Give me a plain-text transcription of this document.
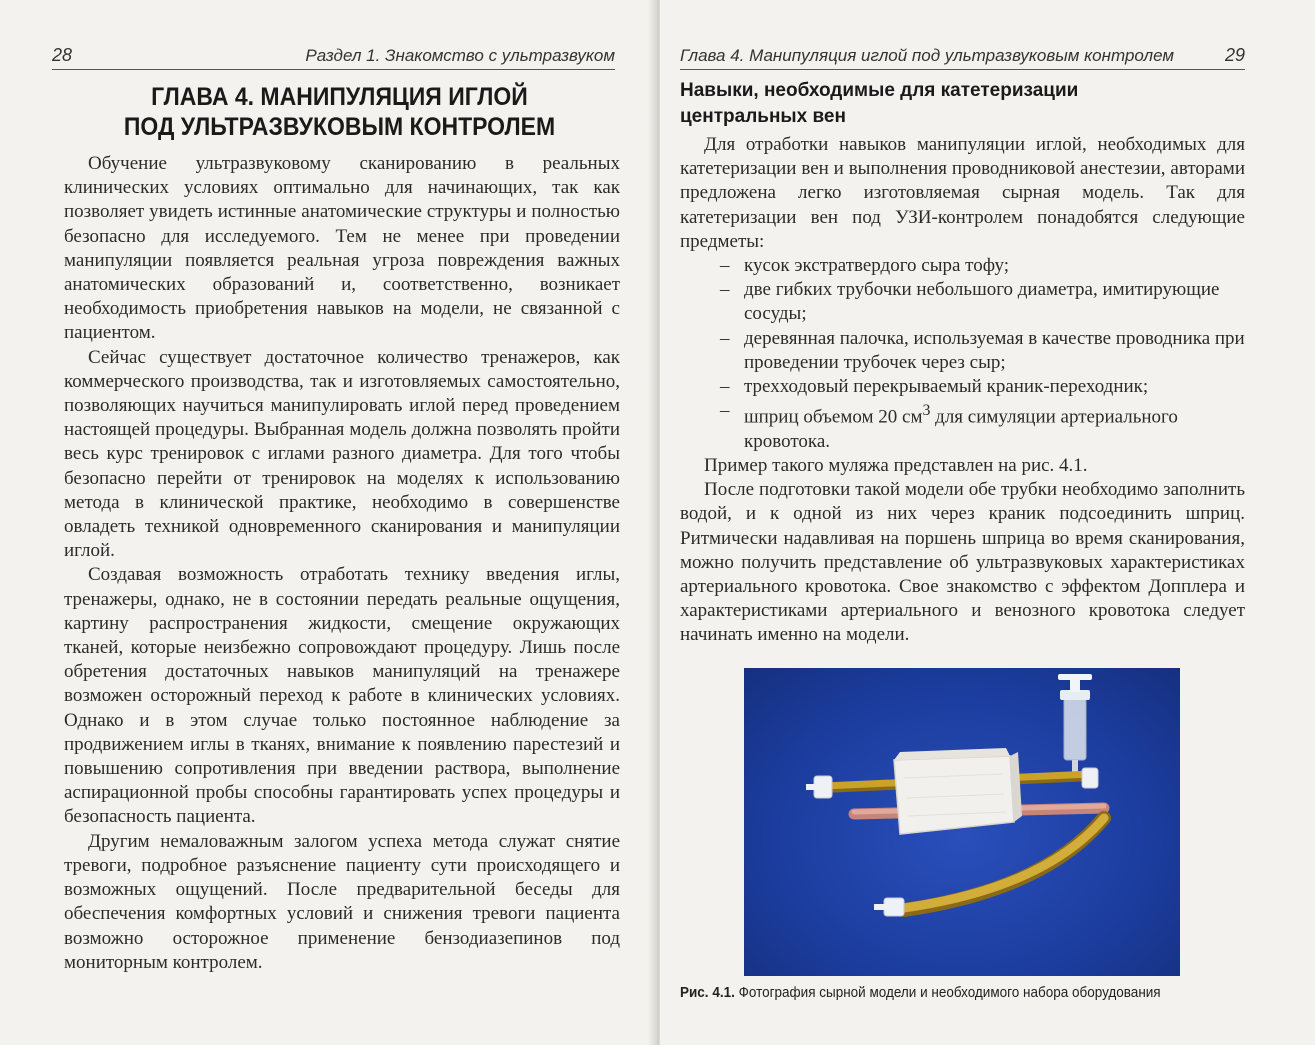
28	Раздел 1. Знакомство с ультразвуком
ГЛАВА 4. МАНИПУЛЯЦИЯ ИГЛОЙ
ПОД УЛЬТРАЗВУКОВЫМ КОНТРОЛЕМ

Обучение ультразвуковому сканированию в реальных клинических условиях оптимально для начинающих, так как позволяет увидеть истинные анатомические структуры и полностью безопасно для исследуемого. Тем не менее при проведении манипуляции появляется реальная угроза повреждения важных анатомических образований и, соответственно, возникает необходимость приобретения навыков на модели, не связанной с пациентом.

Сейчас существует достаточное количество тренажеров, как коммерческого производства, так и изготовляемых самостоятельно, позволяющих научиться манипулировать иглой перед проведением настоящей процедуры. Выбранная модель должна позволять пройти весь курс тренировок с иглами разного диаметра. Для того чтобы безопасно перейти от тренировок на моделях к использованию метода в клинической практике, необходимо в совершенстве овладеть техникой одновременного сканирования и манипуляции иглой.

Создавая возможность отработать технику введения иглы, тренажеры, однако, не в состоянии передать реальные ощущения, картину распространения жидкости, смещение окружающих тканей, которые неизбежно сопровождают процедуру. Лишь после обретения достаточных навыков манипуляций на тренажере возможен осторожный переход к работе в клинических условиях. Однако и в этом случае только постоянное наблюдение за продвижением иглы в тканях, внимание к появлению парестезий и повышению сопротивления при введении раствора, выполнение аспирационной пробы способны гарантировать успех процедуры и безопасность пациента.

Другим немаловажным залогом успеха метода служат снятие тревоги, подробное разъяснение пациенту сути происходящего и возможных ощущений. После предварительной беседы для обеспечения комфортных условий и снижения тревоги пациента возможно осторожное применение бензодиазепинов под мониторным контролем.

Глава 4. Манипуляция иглой под ультразвуковым контролем	29
Навыки, необходимые для катетеризации
центральных вен

Для отработки навыков манипуляции иглой, необходимых для катетеризации вен и выполнения проводниковой анестезии, авторами предложена легко изготовляемая сырная модель. Так для катетеризации вен под УЗИ-контролем понадобятся следующие предметы:

– кусок экстратвердого сыра тофу;
– две гибких трубочки небольшого диаметра, имитирующие сосуды;
– деревянная палочка, используемая в качестве проводника при проведении трубочек через сыр;
– трехходовый перекрываемый краник-переходник;
– шприц объемом 20 $см^3$ для симуляции артериального кровотока.

Пример такого муляжа представлен на рис. 4.1.

После подготовки такой модели обе трубки необходимо заполнить водой, и к одной из них через краник подсоединить шприц. Ритмически надавливая на поршень шприца во время сканирования, можно получить представление об ультразвуковых характеристиках артериального кровотока. Свое знакомство с эффектом Допплера и характеристиками артериального и венозного кровотока следует начинать именно на модели.

Рис. 4.1. Фотография сырной модели и необходимого набора оборудования
